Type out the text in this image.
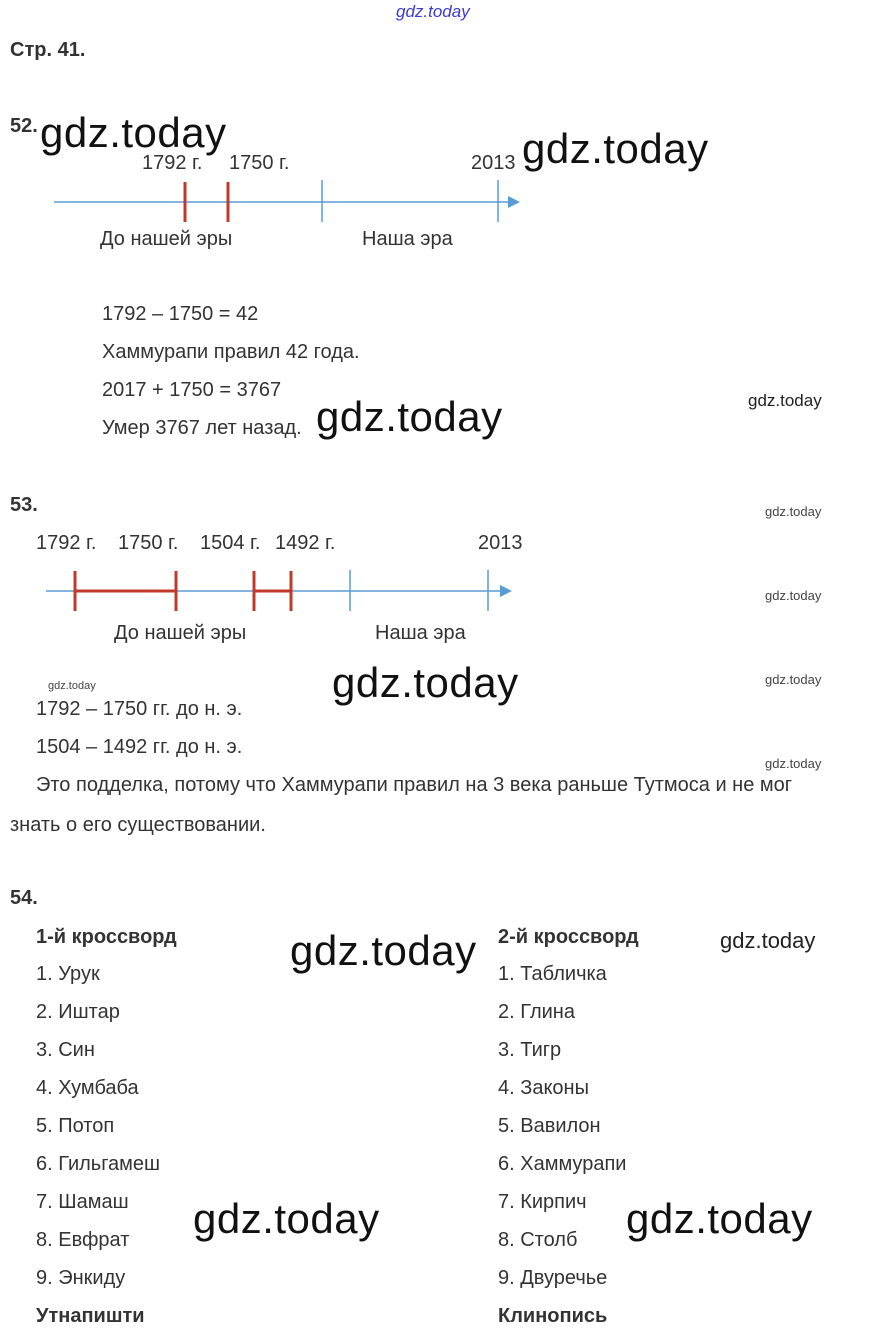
gdz.today
Стр. 41.
52. gdz.today	gdz.today
1792 г. 1750 г.	2013
До нашей эры	Наша эра
1792 – 1750 = 42
Хаммурапи правил 42 года.
2017 + 1750 = 3767
Умер 3767 лет назад. gdz.today	gdz.today
53.	gdz.today
1792 г. 1750 г. 1504 г. 1492 г.	2013
gdz.today
До нашей эры	Наша эра
gdz.today	gdz.today	gdz.today
1792 – 1750 гг. до н. э.
1504 – 1492 гг. до н. э.
gdz.today
Это подделка, потому что Хаммурапи правил на 3 века раньше Тутмоса и не мог
знать о его существовании.
54.
1-й кроссворд	2-й кроссворд
gdz.today	gdz.today
1. Урук
2. Иштар
3. Син
4. Хумбаба
5. Потоп
6. Гильгамеш
7. Шамаш
8. Евфрат
9. Энкиду
Утнапишти
1. Табличка
2. Глина
3. Тигр
4. Законы
5. Вавилон
6. Хаммурапи
7. Кирпич
8. Столб
9. Двуречье
Клинопись
gdz.today	gdz.today
